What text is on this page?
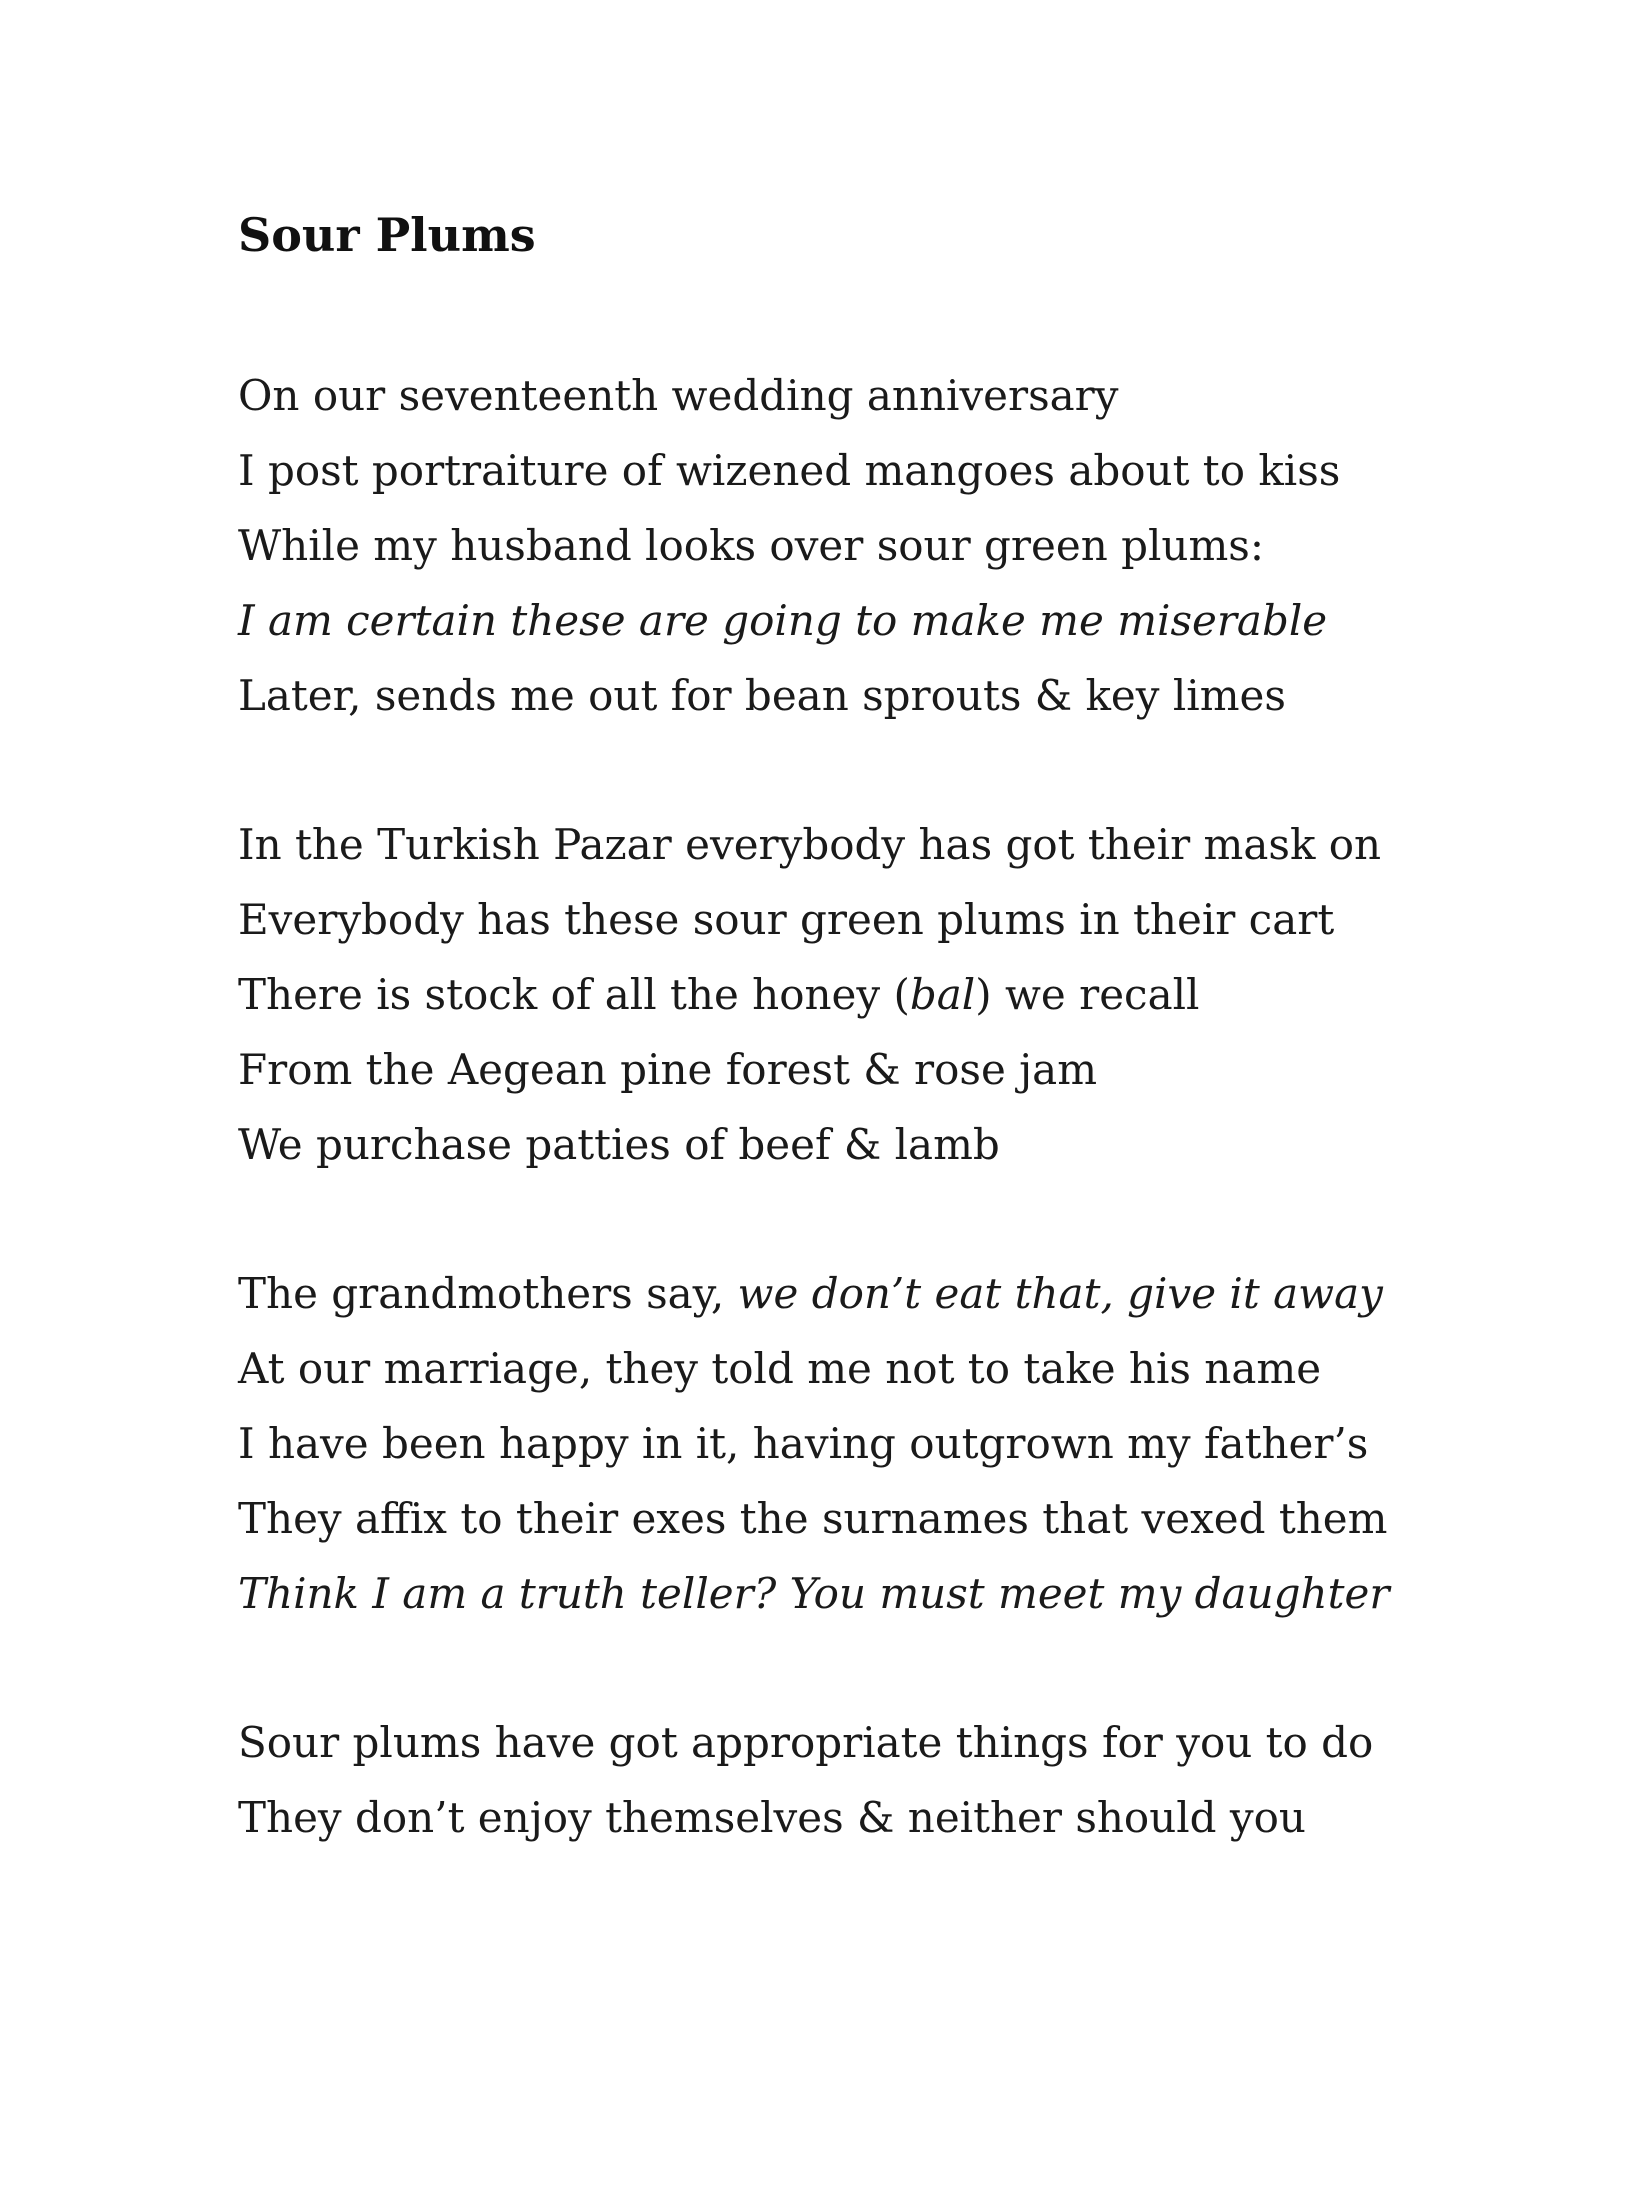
Sour Plums
On our seventeenth wedding anniversary
I post portraiture of wizened mangoes about to kiss
While my husband looks over sour green plums:
I am certain these are going to make me miserable
Later, sends me out for bean sprouts & key limes
In the Turkish Pazar everybody has got their mask on
Everybody has these sour green plums in their cart
There is stock of all the honey (bal) we recall
From the Aegean pine forest & rose jam
We purchase patties of beef & lamb
The grandmothers say, we don’t eat that, give it away
At our marriage, they told me not to take his name
I have been happy in it, having outgrown my father’s
They affix to their exes the surnames that vexed them
Think I am a truth teller? You must meet my daughter
Sour plums have got appropriate things for you to do
They don’t enjoy themselves & neither should you
